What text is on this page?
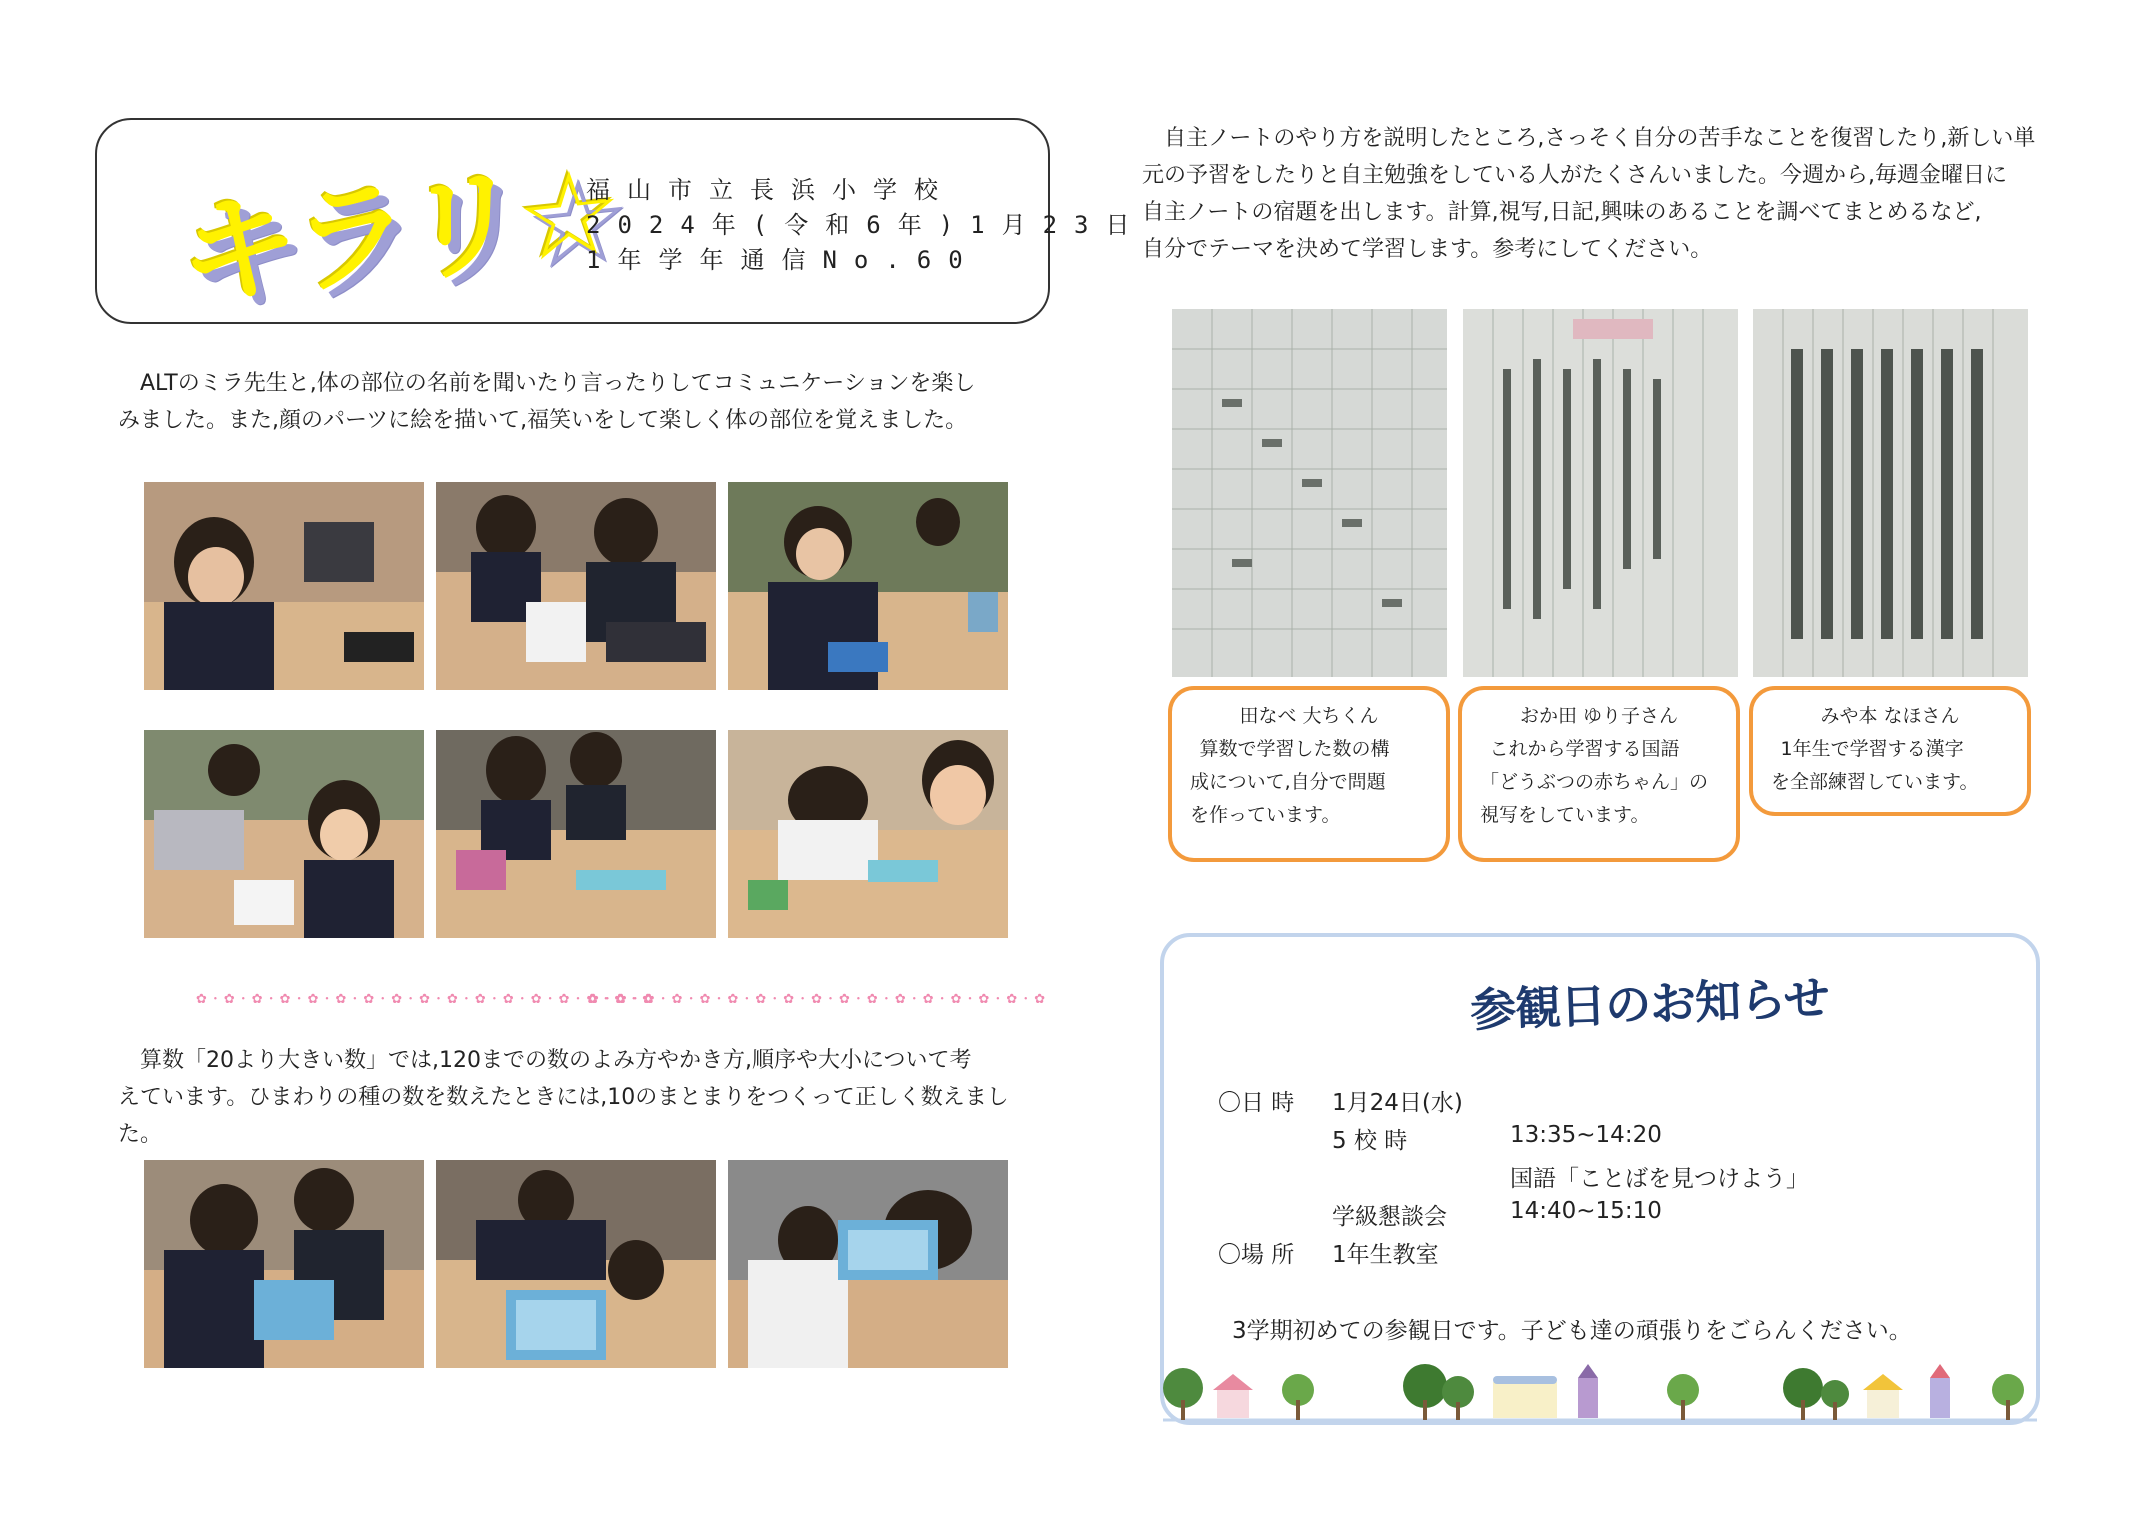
キラリ☆
福山市立長浜小学校
2024年(令和6年)1月23日
1年学年通信No.60

ALTのミラ先生と,体の部位の名前を聞いたり言ったりしてコミュニケーションを楽し

みました。また,顔のパーツに絵を描いて,福笑いをして楽しく体の部位を覚えました。

✿・✿・✿・✿・✿・✿・✿・✿・✿・✿・✿・✿・✿・✿・✿・✿・✿
✿・✿・✿・✿・✿・✿・✿・✿・✿・✿・✿・✿・✿・✿・✿・✿・✿

算数「20より大きい数」では,120までの数のよみ方やかき方,順序や大小について考

えています。ひまわりの種の数を数えたときには,10のまとまりをつくって正しく数えまし

た。

自主ノートのやり方を説明したところ,さっそく自分の苦手なことを復習したり,新しい単

元の予習をしたりと自主勉強をしている人がたくさんいました。今週から,毎週金曜日に

自主ノートの宿題を出します。計算,視写,日記,興味のあることを調べてまとめるなど,

自分でテーマを決めて学習します。参考にしてください。

田なべ 大ちくん
算数で学習した数の構
成について,自分で問題
を作っています。
おか田 ゆり子さん
これから学習する国語
「どうぶつの赤ちゃん」の
視写をしています。
みや本 なほさん
1年生で学習する漢字
を全部練習しています。
参観日のお知らせ
〇日 時 1月24日(水)
5 校 時	13:35~14:20
国語「ことばを見つけよう」
学級懇談会	14:40~15:10
〇場 所 1年生教室
3学期初めての参観日です。子ども達の頑張りをごらんください。
